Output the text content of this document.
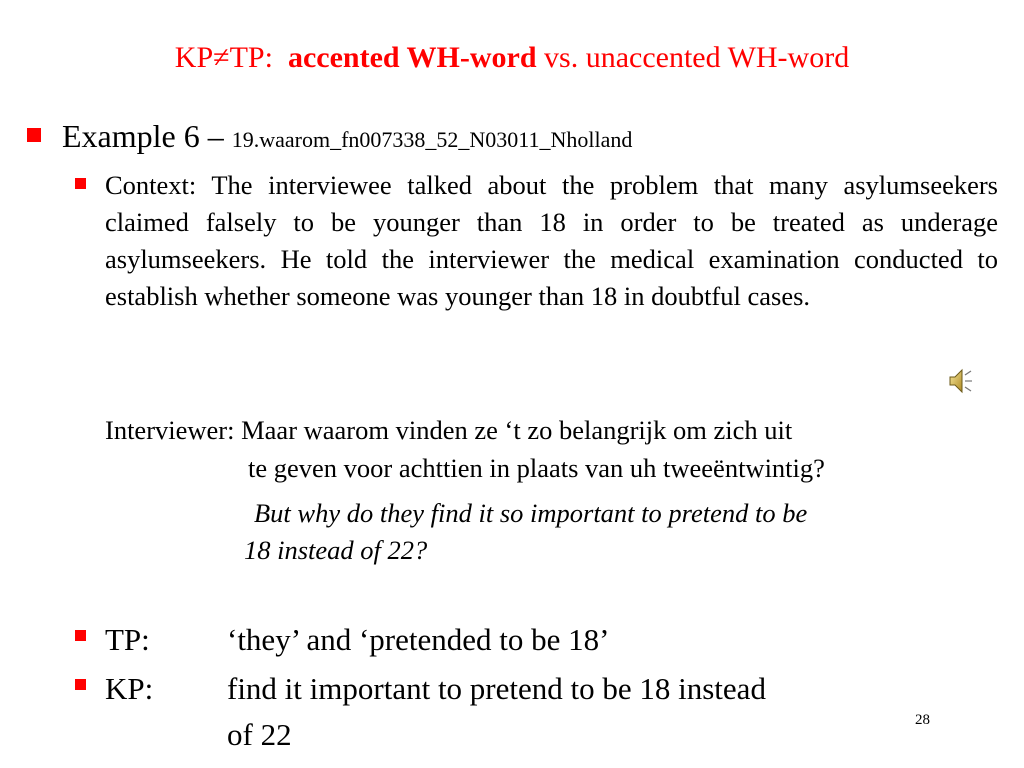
KP≠TP: accented WH-word vs. unaccented WH-word
Example 6 – 19.waarom_fn007338_52_N03011_Nholland

Context: The interviewee talked about the problem that many asylumseekers claimed falsely to be younger than 18 in order to be treated as underage asylumseekers. He told the interviewer the medical examination conducted to establish whether someone was younger than 18 in doubtful cases.

Interviewer: Maar waarom vinden ze ‘t zo belangrijk om zich uit
te geven voor achttien in plaats van uh tweeëntwintig?
But why do they find it so important to pretend to be
18 instead of 22?
TP: ‘they’ and ‘pretended to be 18’
KP: find it important to pretend to be 18 instead
of 22	28
